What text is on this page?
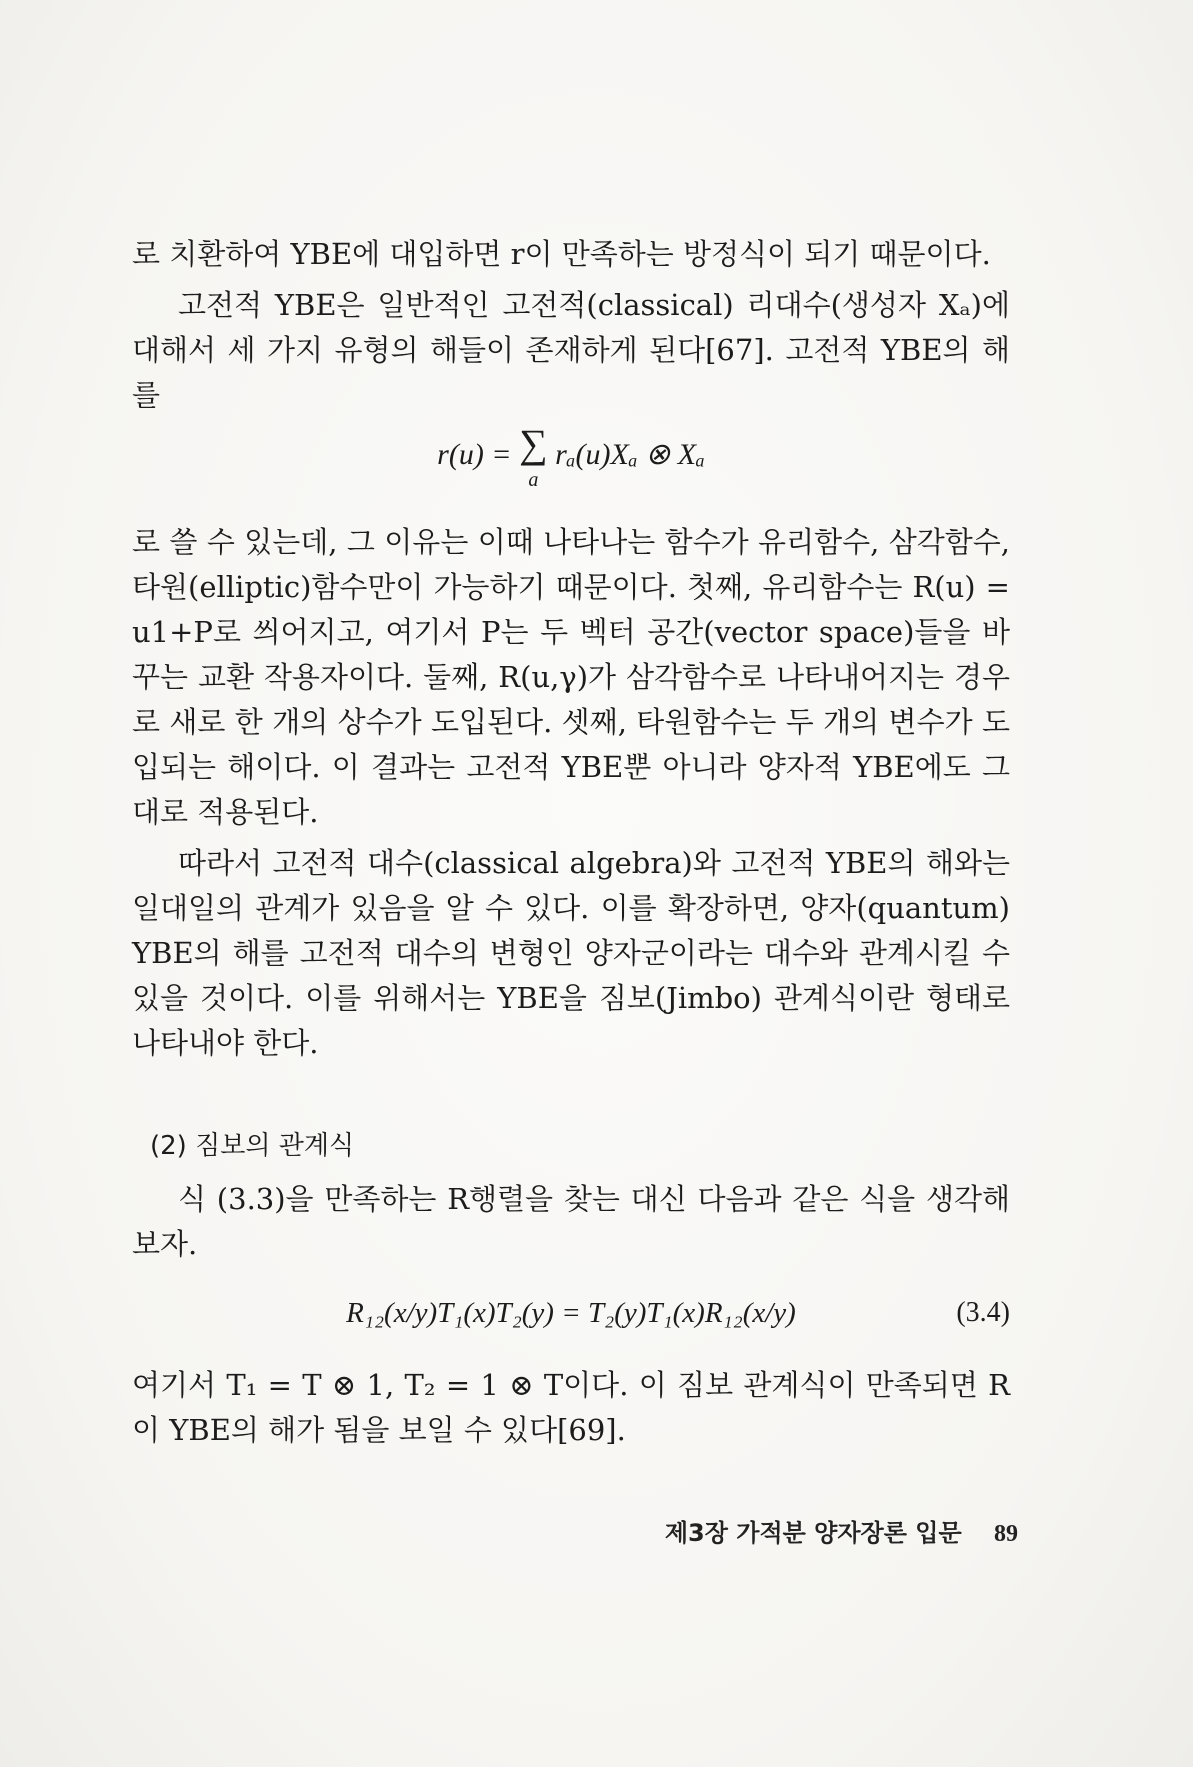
로 치환하여 YBE에 대입하면 r이 만족하는 방정식이 되기 때문이다.

고전적 YBE은 일반적인 고전적(classical) 리대수(생성자 Xₐ)에 대해서 세 가지 유형의 해들이 존재하게 된다[67]. 고전적 YBE의 해를

r(u) = ∑
a
rₐ(u)Xₐ ⊗ Xₐ

로 쓸 수 있는데, 그 이유는 이때 나타나는 함수가 유리함수, 삼각함수, 타원(elliptic)함수만이 가능하기 때문이다. 첫째, 유리함수는 R(u) = u1+P로 씌어지고, 여기서 P는 두 벡터 공간(vector space)들을 바꾸는 교환 작용자이다. 둘째, R(u,γ)가 삼각함수로 나타내어지는 경우로 새로 한 개의 상수가 도입된다. 셋째, 타원함수는 두 개의 변수가 도입되는 해이다. 이 결과는 고전적 YBE뿐 아니라 양자적 YBE에도 그대로 적용된다.

따라서 고전적 대수(classical algebra)와 고전적 YBE의 해와는 일대일의 관계가 있음을 알 수 있다. 이를 확장하면, 양자(quantum) YBE의 해를 고전적 대수의 변형인 양자군이라는 대수와 관계시킬 수 있을 것이다. 이를 위해서는 YBE을 짐보(Jimbo) 관계식이란 형태로 나타내야 한다.

(2) 짐보의 관계식

식 (3.3)을 만족하는 R행렬을 찾는 대신 다음과 같은 식을 생각해 보자.

R₁₂(x/y)T₁(x)T₂(y) = T₂(y)T₁(x)R₁₂(x/y)	(3.4)

여기서 T₁ = T ⊗ 1, T₂ = 1 ⊗ T이다. 이 짐보 관계식이 만족되면 R이 YBE의 해가 됨을 보일 수 있다[69].

제3장 가적분 양자장론 입문 89
